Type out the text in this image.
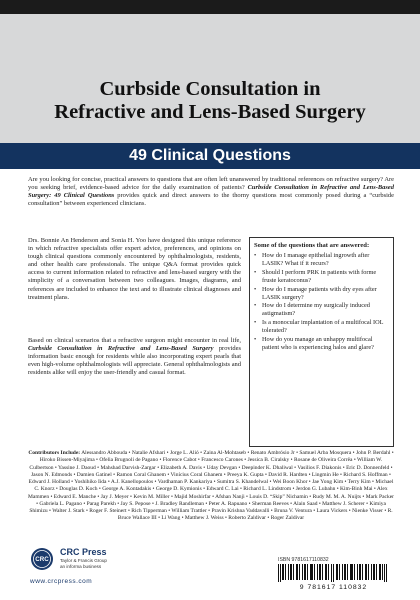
Curbside Consultation in
Refractive and Lens-Based Surgery
49 Clinical Questions
Are you looking for concise, practical answers to questions that are often left unanswered by traditional references on refractive surgery? Are you seeking brief, evidence-based advice for the daily examination of patients? Curbside Consultation in Refractive and Lens-Based Surgery: 49 Clinical Questions provides quick and direct answers to the thorny questions most commonly posed during a “curbside consultation” between experienced clinicians.
Drs. Bonnie An Henderson and Sonia H. Yoo have designed this unique reference in which refractive specialists offer expert advice, preferences, and opinions on tough clinical questions commonly encountered by ophthalmologists, residents, and other health care professionals. The unique Q&A format provides quick access to current information related to refractive and lens-based surgery with the simplicity of a conversation between two colleagues. Images, diagrams, and references are included to enhance the text and to illustrate clinical diagnoses and treatment plans.
Based on clinical scenarios that a refractive surgeon might encounter in real life, Curbside Consultation in Refractive and Lens-Based Surgery provides information basic enough for residents while also incorporating expert pearls that even high-volume ophthalmologists will appreciate. General ophthalmologists and residents alike will enjoy the user-friendly and casual format.
Some of the questions that are answered:
• How do I manage epithelial ingrowth after LASIK? What if it recurs?
• Should I perform PRK in patients with forme fruste keratoconus?
• How do I manage patients with dry eyes after LASIK surgery?
• How do I determine my surgically induced astigmatism?
• Is a monocular implantation of a multifocal IOL tolerated?
• How do you manage an unhappy multifocal patient who is experiencing halos and glare?
Contributors Include: Alessandro Abbouda • Natalie Afshari • Jorge L. Alió • Zaina Al-Mohtaseb • Renato Ambrósio Jr • Samuel Arba Mosquera • John P. Berdahl • Hiroko Bissen-Miyajima • Ofelia Brugnoli de Pagano • Florence Cabot • Francesco Carones • Jessica B. Ciralsky • Rosane de Oliveira Corrêa • William W. Culbertson • Yassine J. Daoud • Mahshad Darvish-Zargar • Elizabeth A. Davis • Uday Devgan • Deepinder K. Dhaliwal • Vasilios F. Diakonis • Eric D. Donnenfeld • Jason N. Edmonds • Damien Gatinel • Ramon Coral Ghanem • Vinícius Coral Ghanem • Preeya K. Gupta • David R. Hardten • Lingmin He • Richard S. Hoffman • Edward J. Holland • Yoshihiko Iida • A.J. Kanellopoulos • Vardhaman P. Kankariya • Sumitra S. Khandelwal • Wei Boon Khor • Jae Yong Kim • Terry Kim • Michael C. Knorz • Douglas D. Koch • George A. Kontadakis • George D. Kymionis • Edward C. Lai • Richard L. Lindstrom • Jerdon G. Lubahn • Kim-Binh Mai • Alex Mammen • Edward E. Manche • Jay J. Meyer • Kevin M. Miller • Majid Moshirfar • Afshan Nanji • Louis D. “Skip” Nichamin • Rudy M. M. A. Nuijts • Mark Packer • Gabriela L. Pagano • Parag Parekh • Jay S. Pepose • J. Bradley Randleman • Peter A. Rapuano • Sherman Reeves • Alain Saad • Matthew J. Scherer • Kimiya Shimizu • Walter J. Stark • Roger F. Steinert • Rich Tipperman • William Trattler • Pravin Krishna Vaddavalli • Bruna V. Ventura • Laura Vickers • Nienke Visser • R. Bruce Wallace III • Li Wang • Matthew J. Weiss • Roberto Zaldivar • Roger Zaldivar
CRC
CRC Press
Taylor & Francis Group
an informa business
www.crcpress.com
ISBN 9781617110832
9 781617 110832
